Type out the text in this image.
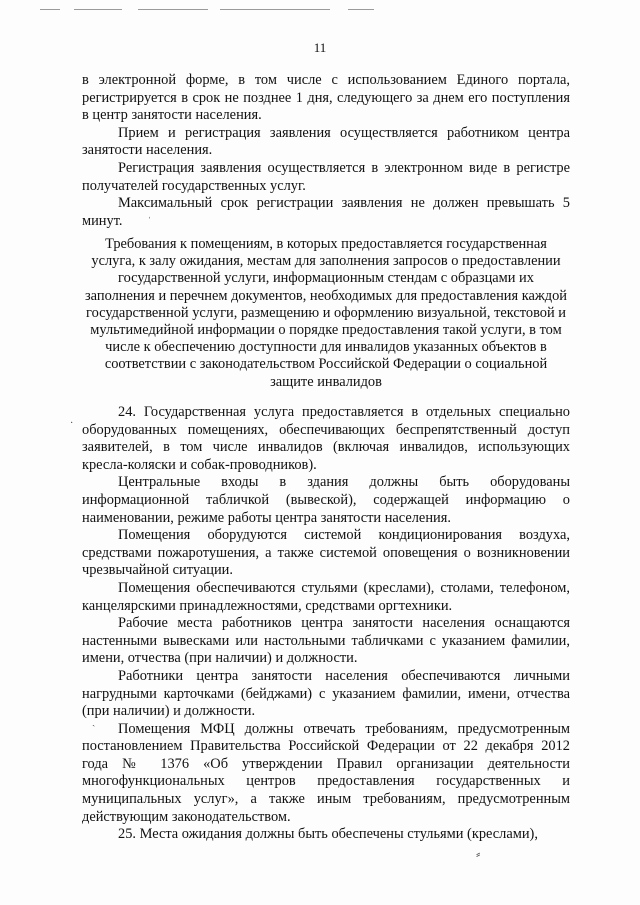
11

в электронной форме, в том числе с использованием Единого портала, регистрируется в срок не позднее 1 дня, следующего за днем его поступления в центр занятости населения.

Прием и регистрация заявления осуществляется работником центра занятости населения.

Регистрация заявления осуществляется в электронном виде в регистре получателей государственных услуг.

Максимальный срок регистрации заявления не должен превышать 5 минут.

Требования к помещениям, в которых предоставляется государственная услуга, к залу ожидания, местам для заполнения запросов о предоставлении государственной услуги, информационным стендам с образцами их заполнения и перечнем документов, необходимых для предоставления каждой государственной услуги, размещению и оформлению визуальной, текстовой и мультимедийной информации о порядке предоставления такой услуги, в том числе к обеспечению доступности для инвалидов указанных объектов в соответствии с законодательством Российской Федерации о социальной защите инвалидов

24. Государственная услуга предоставляется в отдельных специально оборудованных помещениях, обеспечивающих беспрепятственный доступ заявителей, в том числе инвалидов (включая инвалидов, использующих кресла-коляски и собак-проводников).

Центральные входы в здания должны быть оборудованы информационной табличкой (вывеской), содержащей информацию о наименовании, режиме работы центра занятости населения.

Помещения оборудуются системой кондиционирования воздуха, средствами пожаротушения, а также системой оповещения о возникновении чрезвычайной ситуации.

Помещения обеспечиваются стульями (креслами), столами, телефоном, канцелярскими принадлежностями, средствами оргтехники.

Рабочие места работников центра занятости населения оснащаются настенными вывесками или настольными табличками с указанием фамилии, имени, отчества (при наличии) и должности.

Работники центра занятости населения обеспечиваются личными нагрудными карточками (бейджами) с указанием фамилии, имени, отчества (при наличии) и должности.

Помещения МФЦ должны отвечать требованиям, предусмотренным постановлением Правительства Российской Федерации от 22 декабря 2012 года № 1376 «Об утверждении Правил организации деятельности многофункциональных центров предоставления государственных и муниципальных услуг», а также иным требованиям, предусмотренным действующим законодательством.

25. Места ожидания должны быть обеспечены стульями (креслами),

ˈ
·
ˏ
⸗
